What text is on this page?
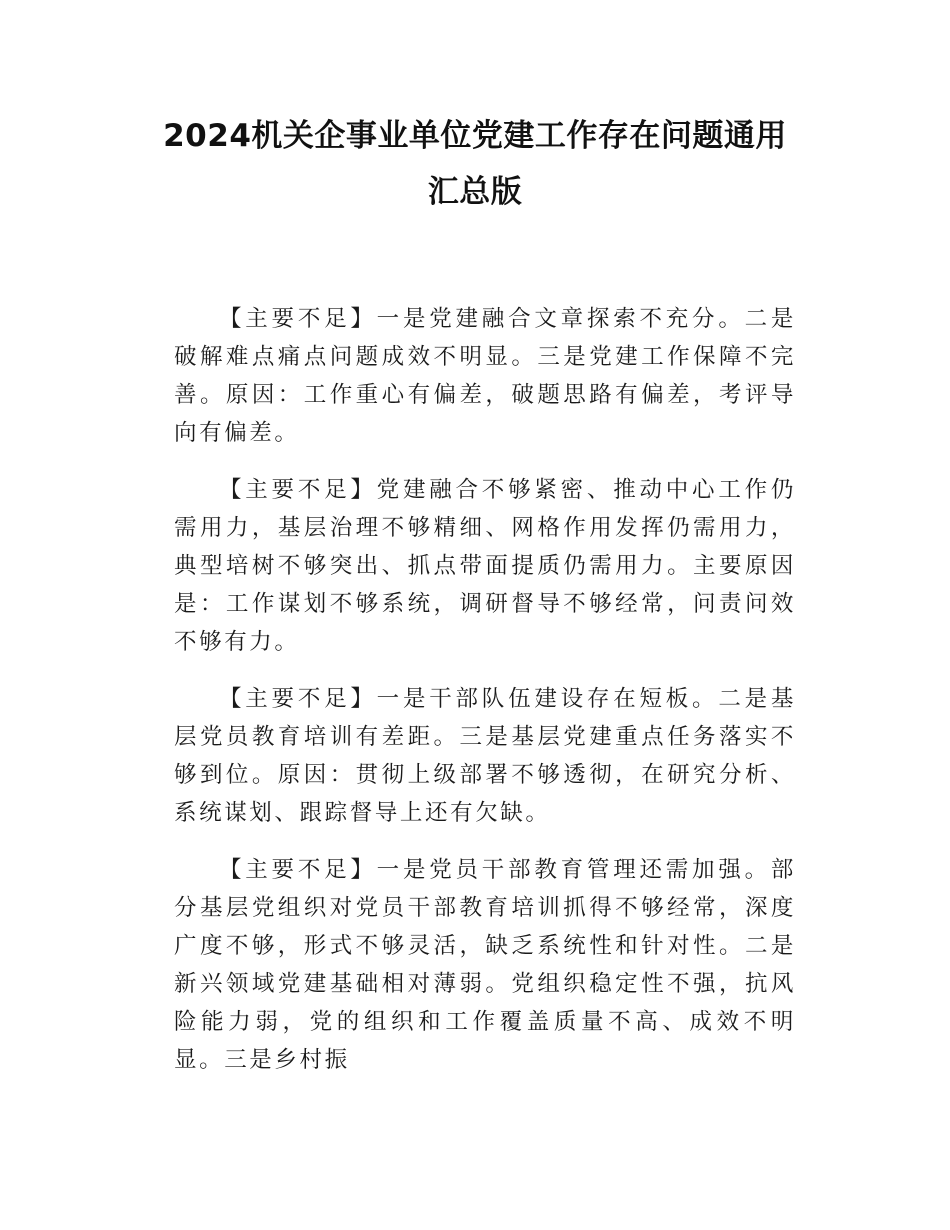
2024机关企事业单位党建工作存在问题通用
汇总版

【主要不足】一是党建融合文章探索不充分。二是破解难点痛点问题成效不明显。三是党建工作保障不完善。原因：工作重心有偏差，破题思路有偏差，考评导向有偏差。

【主要不足】党建融合不够紧密、推动中心工作仍需用力，基层治理不够精细、网格作用发挥仍需用力，典型培树不够突出、抓点带面提质仍需用力。主要原因是：工作谋划不够系统，调研督导不够经常，问责问效不够有力。

【主要不足】一是干部队伍建设存在短板。二是基层党员教育培训有差距。三是基层党建重点任务落实不够到位。原因：贯彻上级部署不够透彻，在研究分析、系统谋划、跟踪督导上还有欠缺。

【主要不足】一是党员干部教育管理还需加强。部分基层党组织对党员干部教育培训抓得不够经常，深度广度不够，形式不够灵活，缺乏系统性和针对性。二是新兴领域党建基础相对薄弱。党组织稳定性不强，抗风险能力弱，党的组织和工作覆盖质量不高、成效不明显。三是乡村振
